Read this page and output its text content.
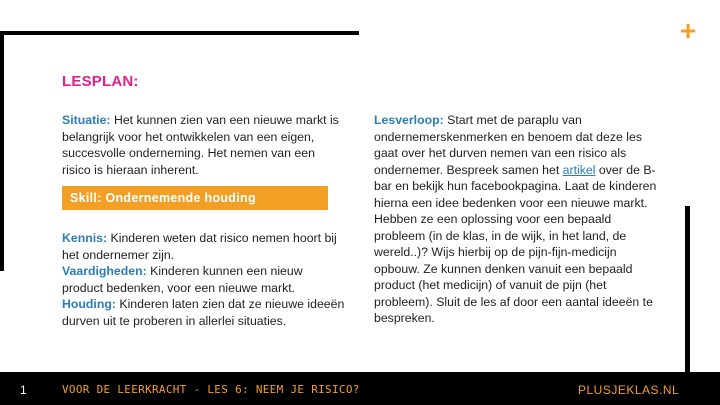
+
LESPLAN:
Situatie: Het kunnen zien van een nieuwe markt is belangrijk voor het ontwikkelen van een eigen, succesvolle onderneming. Het nemen van een risico is hieraan inherent.
Skill: Ondernemende houding
Kennis: Kinderen weten dat risico nemen hoort bij het ondernemer zijn.
Vaardigheden: Kinderen kunnen een nieuw product bedenken, voor een nieuwe markt.
Houding: Kinderen laten zien dat ze nieuwe ideeën durven uit te proberen in allerlei situaties.
Lesverloop: Start met de paraplu van ondernemerskenmerken en benoem dat deze les gaat over het durven nemen van een risico als ondernemer. Bespreek samen het artikel over de B-bar en bekijk hun facebookpagina. Laat de kinderen hierna een idee bedenken voor een nieuwe markt. Hebben ze een oplossing voor een bepaald probleem (in de klas, in de wijk, in het land, de wereld..)? Wijs hierbij op de pijn-fijn-medicijn opbouw. Ze kunnen denken vanuit een bepaald product (het medicijn) of vanuit de pijn (het probleem). Sluit de les af door een aantal ideeën te bespreken.
1	VOOR DE LEERKRACHT - LES 6: NEEM JE RISICO?	PLUSJEKLAS.NL
